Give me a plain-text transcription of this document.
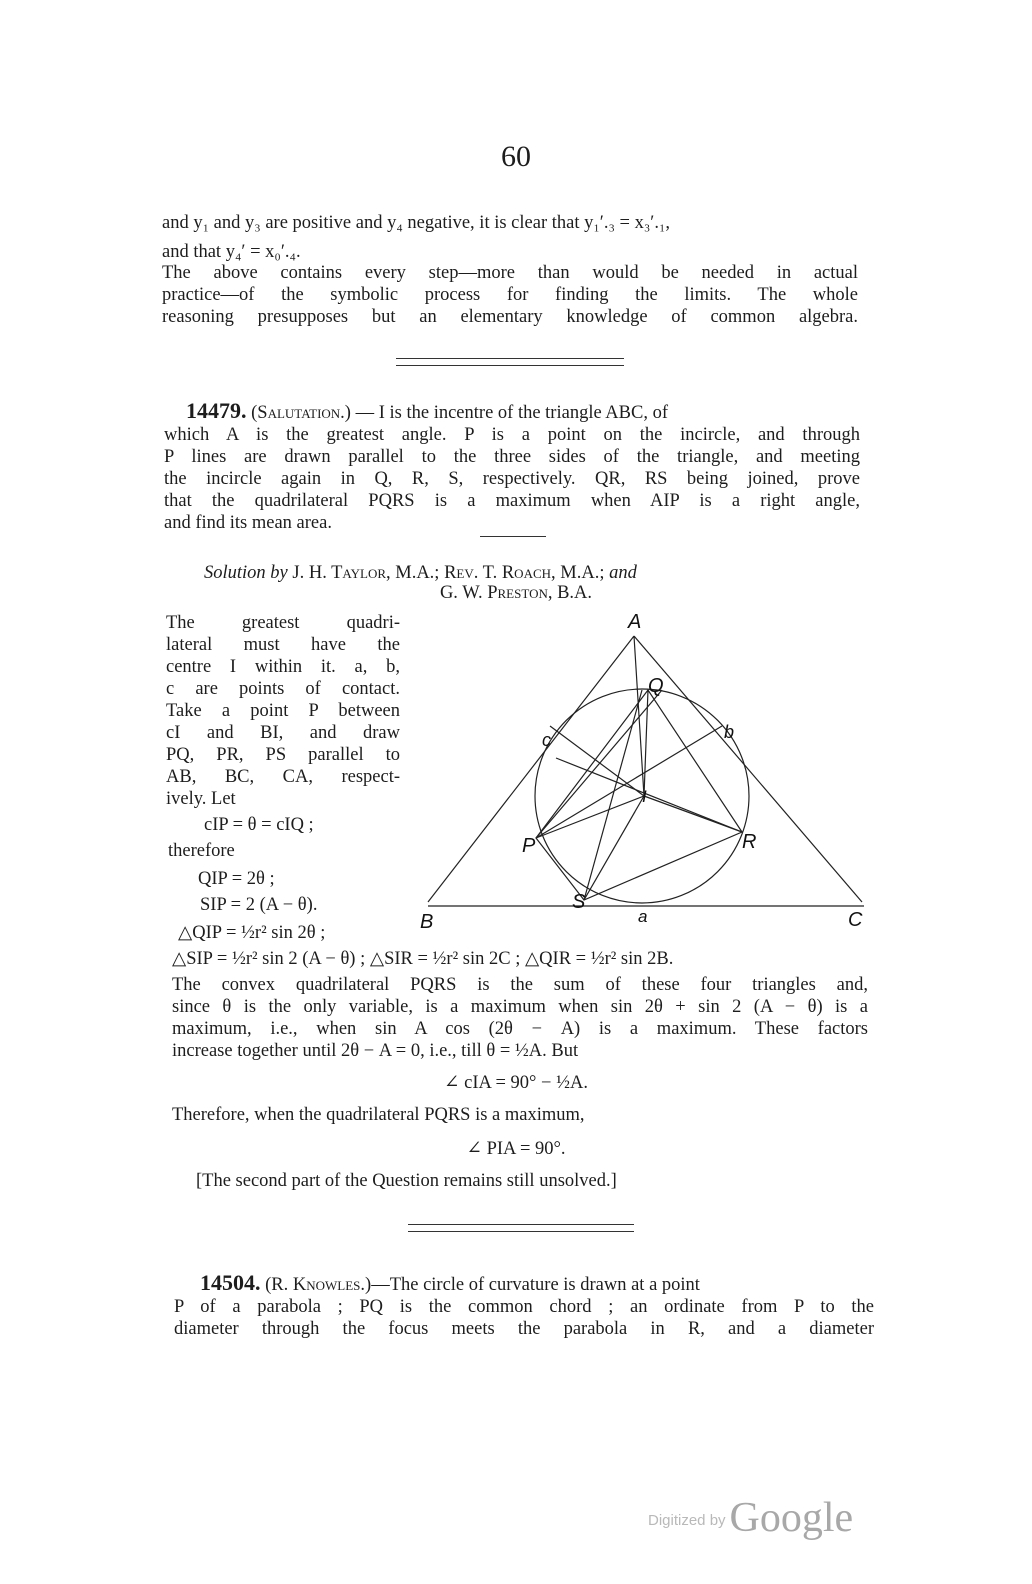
60
and y₁ and y₃ are positive and y₄ negative, it is clear that y₁′.₃ = x₃′.₁,
and that y₄′ = x₀′.₄.
The above contains every step—more than would be needed in actual
practice—of the symbolic process for finding the limits. The whole
reasoning presupposes but an elementary knowledge of common algebra.
14479. (Salutation.) — I is the incentre of the triangle ABC, of
which A is the greatest angle. P is a point on the incircle, and through
P lines are drawn parallel to the three sides of the triangle, and meeting
the incircle again in Q, R, S, respectively. QR, RS being joined, prove
that the quadrilateral PQRS is a maximum when AIP is a right angle,
and find its mean area.
Solution by J. H. Taylor, M.A.; Rev. T. Roach, M.A.; and
G. W. Preston, B.A.
The greatest quadri-
lateral must have the
centre I within it. a, b,
c are points of contact.
Take a point P between
cI and BI, and draw
PQ, PR, PS parallel to
AB, BC, CA, respect-
ively. Let
cIP = θ = cIQ ;
therefore
QIP = 2θ ;
SIP = 2 (A − θ).
△QIP = ½r² sin 2θ ;
A
B	C
Q
R
S
P
I
a
b
c
△SIP = ½r² sin 2 (A − θ) ; △SIR = ½r² sin 2C ; △QIR = ½r² sin 2B.
The convex quadrilateral PQRS is the sum of these four triangles and,
since θ is the only variable, is a maximum when sin 2θ + sin 2 (A − θ) is a
maximum, i.e., when sin A cos (2θ − A) is a maximum. These factors
increase together until 2θ − A = 0, i.e., till θ = ½A. But
∠ cIA = 90° − ½A.
Therefore, when the quadrilateral PQRS is a maximum,
∠ PIA = 90°.
[The second part of the Question remains still unsolved.]
14504. (R. Knowles.)—The circle of curvature is drawn at a point
P of a parabola ; PQ is the common chord ; an ordinate from P to the
diameter through the focus meets the parabola in R, and a diameter
Digitized byGoogle
